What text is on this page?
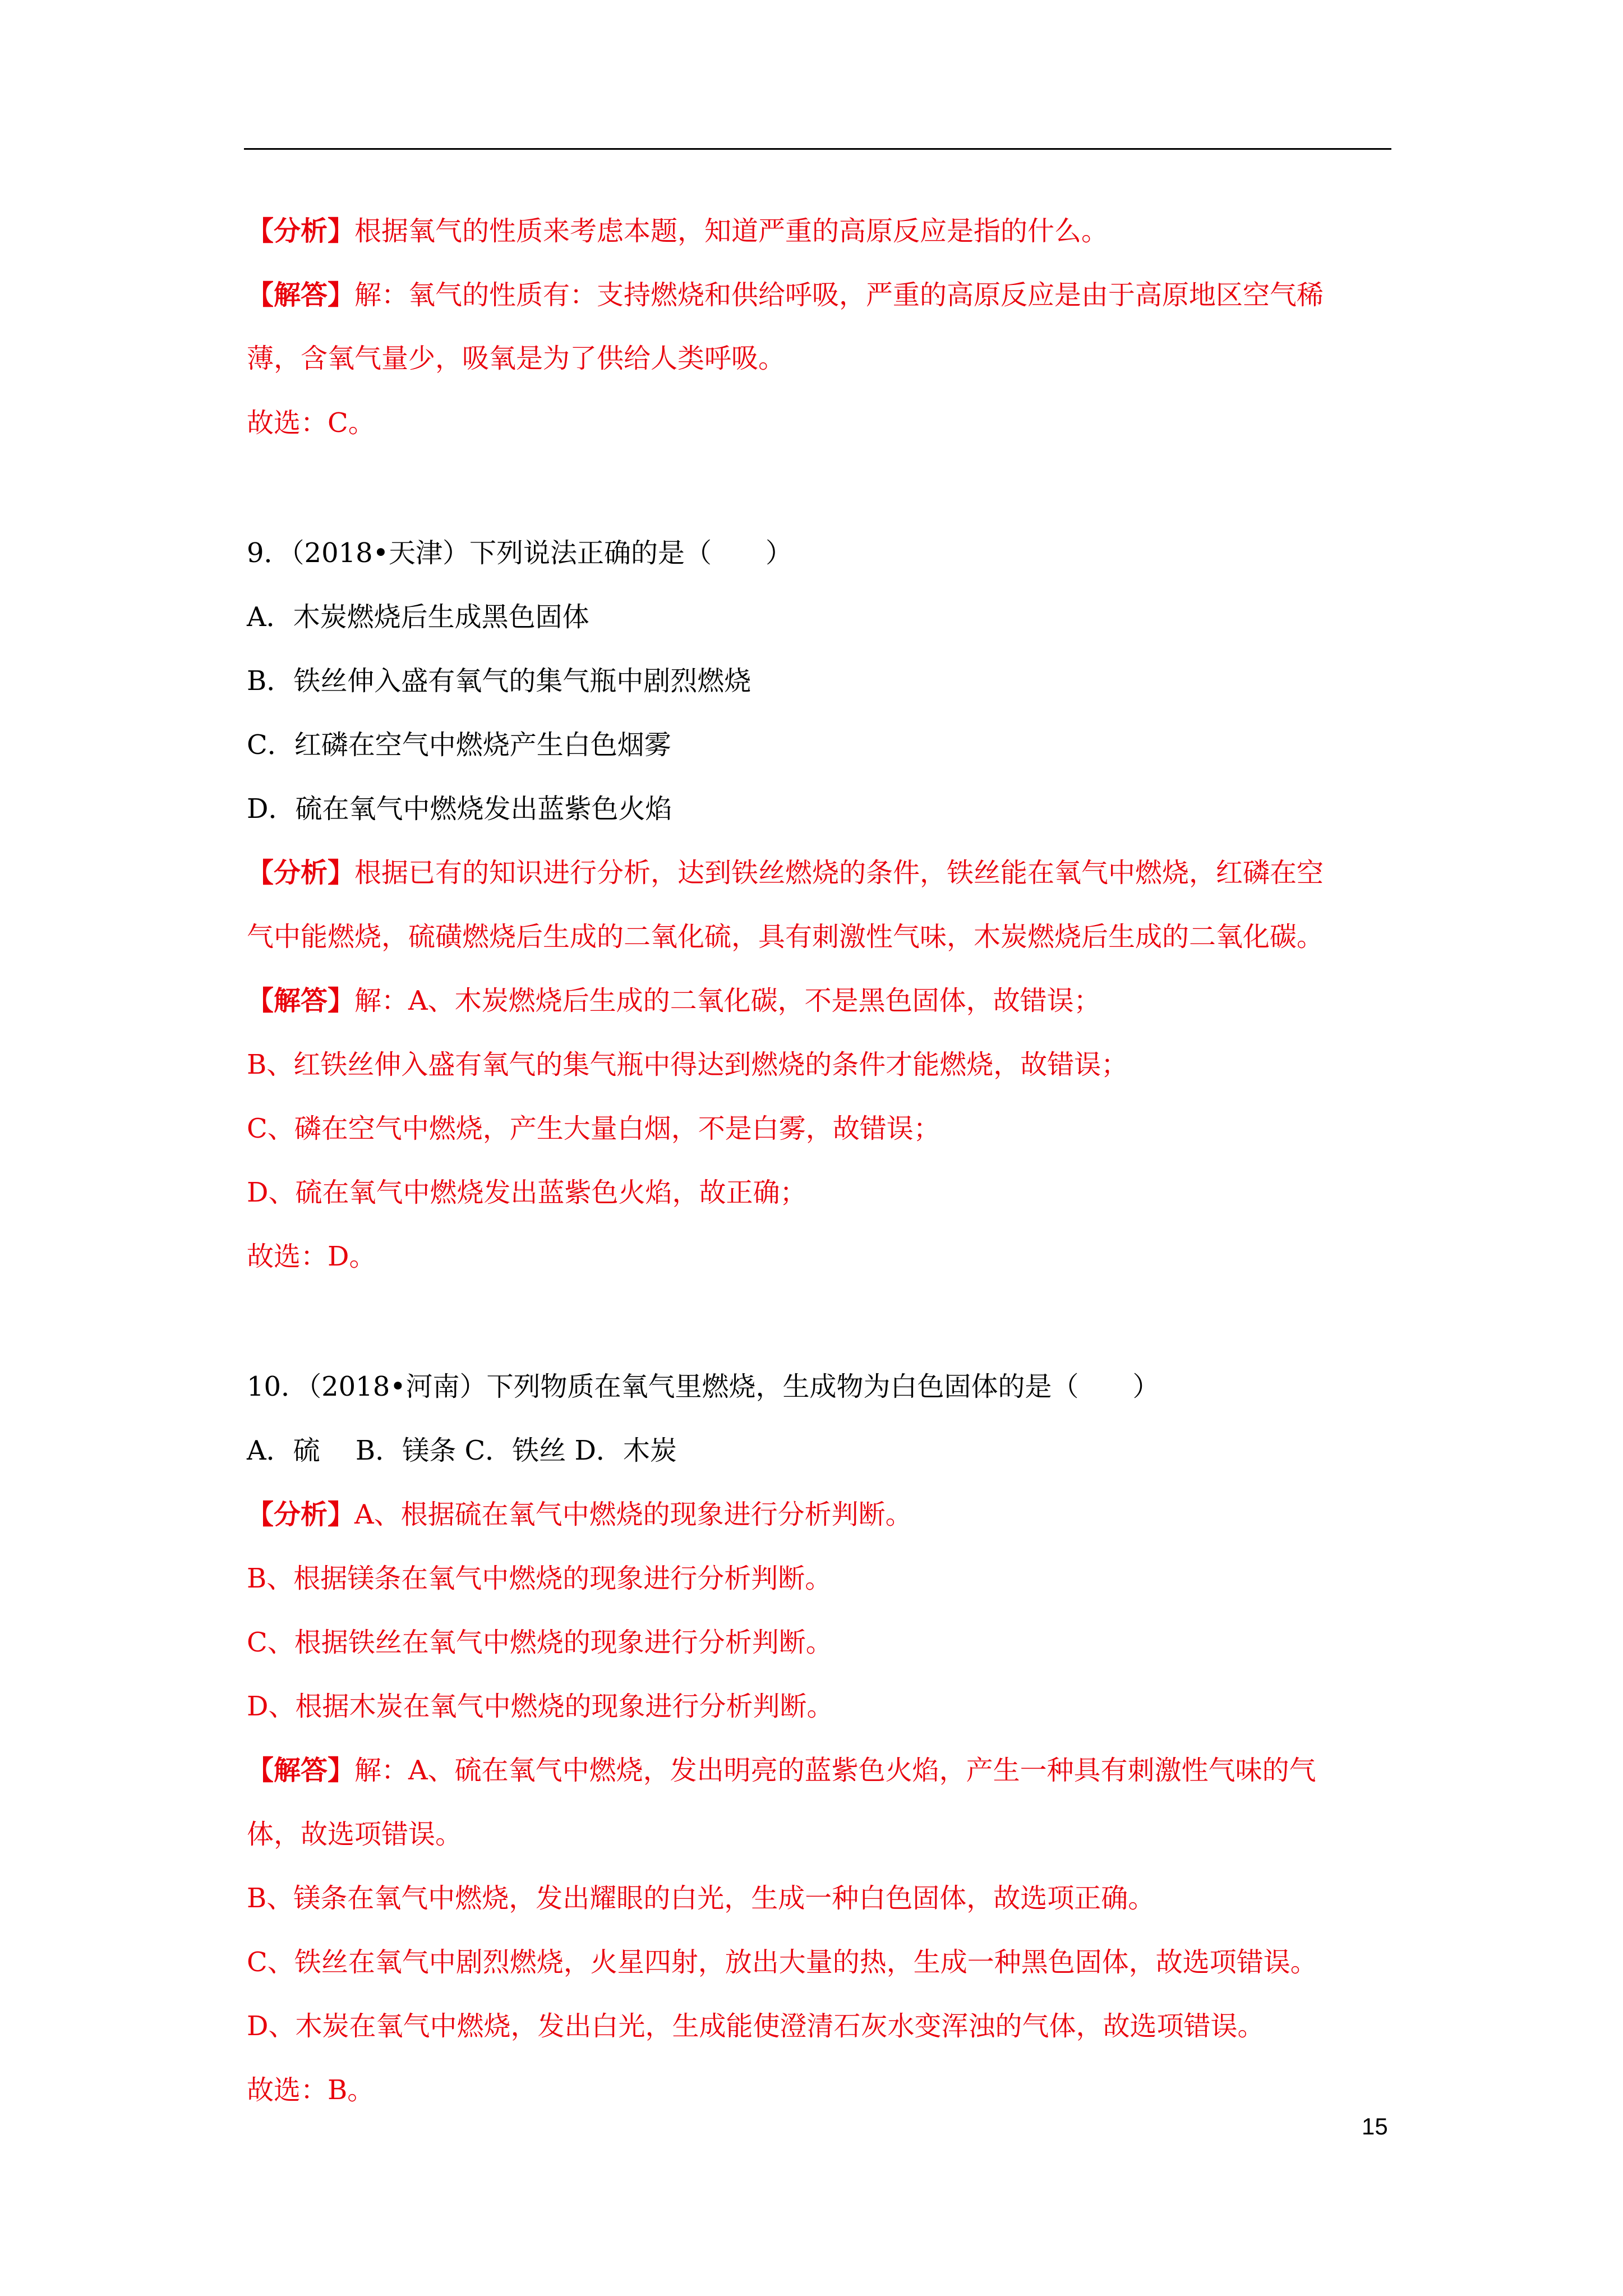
【分析】根据氧气的性质来考虑本题，知道严重的高原反应是指的什么。
【解答】解：氧气的性质有：支持燃烧和供给呼吸，严重的高原反应是由于高原地区空气稀
薄，含氧气量少，吸氧是为了供给人类呼吸。
故选：C。
9．（2018•天津）下列说法正确的是（　　）
A．木炭燃烧后生成黑色固体
B．铁丝伸入盛有氧气的集气瓶中剧烈燃烧
C．红磷在空气中燃烧产生白色烟雾
D．硫在氧气中燃烧发出蓝紫色火焰
【分析】根据已有的知识进行分析，达到铁丝燃烧的条件，铁丝能在氧气中燃烧，红磷在空
气中能燃烧，硫磺燃烧后生成的二氧化硫，具有刺激性气味，木炭燃烧后生成的二氧化碳。
【解答】解：A、木炭燃烧后生成的二氧化碳，不是黑色固体，故错误；
B、红铁丝伸入盛有氧气的集气瓶中得达到燃烧的条件才能燃烧，故错误；
C、磷在空气中燃烧，产生大量白烟，不是白雾，故错误；
D、硫在氧气中燃烧发出蓝紫色火焰，故正确；
故选：D。
10．（2018•河南）下列物质在氧气里燃烧，生成物为白色固体的是（　　）
A．硫　 B．镁条 C．铁丝 D．木炭
【分析】A、根据硫在氧气中燃烧的现象进行分析判断。
B、根据镁条在氧气中燃烧的现象进行分析判断。
C、根据铁丝在氧气中燃烧的现象进行分析判断。
D、根据木炭在氧气中燃烧的现象进行分析判断。
【解答】解：A、硫在氧气中燃烧，发出明亮的蓝紫色火焰，产生一种具有刺激性气味的气
体，故选项错误。
B、镁条在氧气中燃烧，发出耀眼的白光，生成一种白色固体，故选项正确。
C、铁丝在氧气中剧烈燃烧，火星四射，放出大量的热，生成一种黑色固体，故选项错误。
D、木炭在氧气中燃烧，发出白光，生成能使澄清石灰水变浑浊的气体，故选项错误。
故选：B。
15
